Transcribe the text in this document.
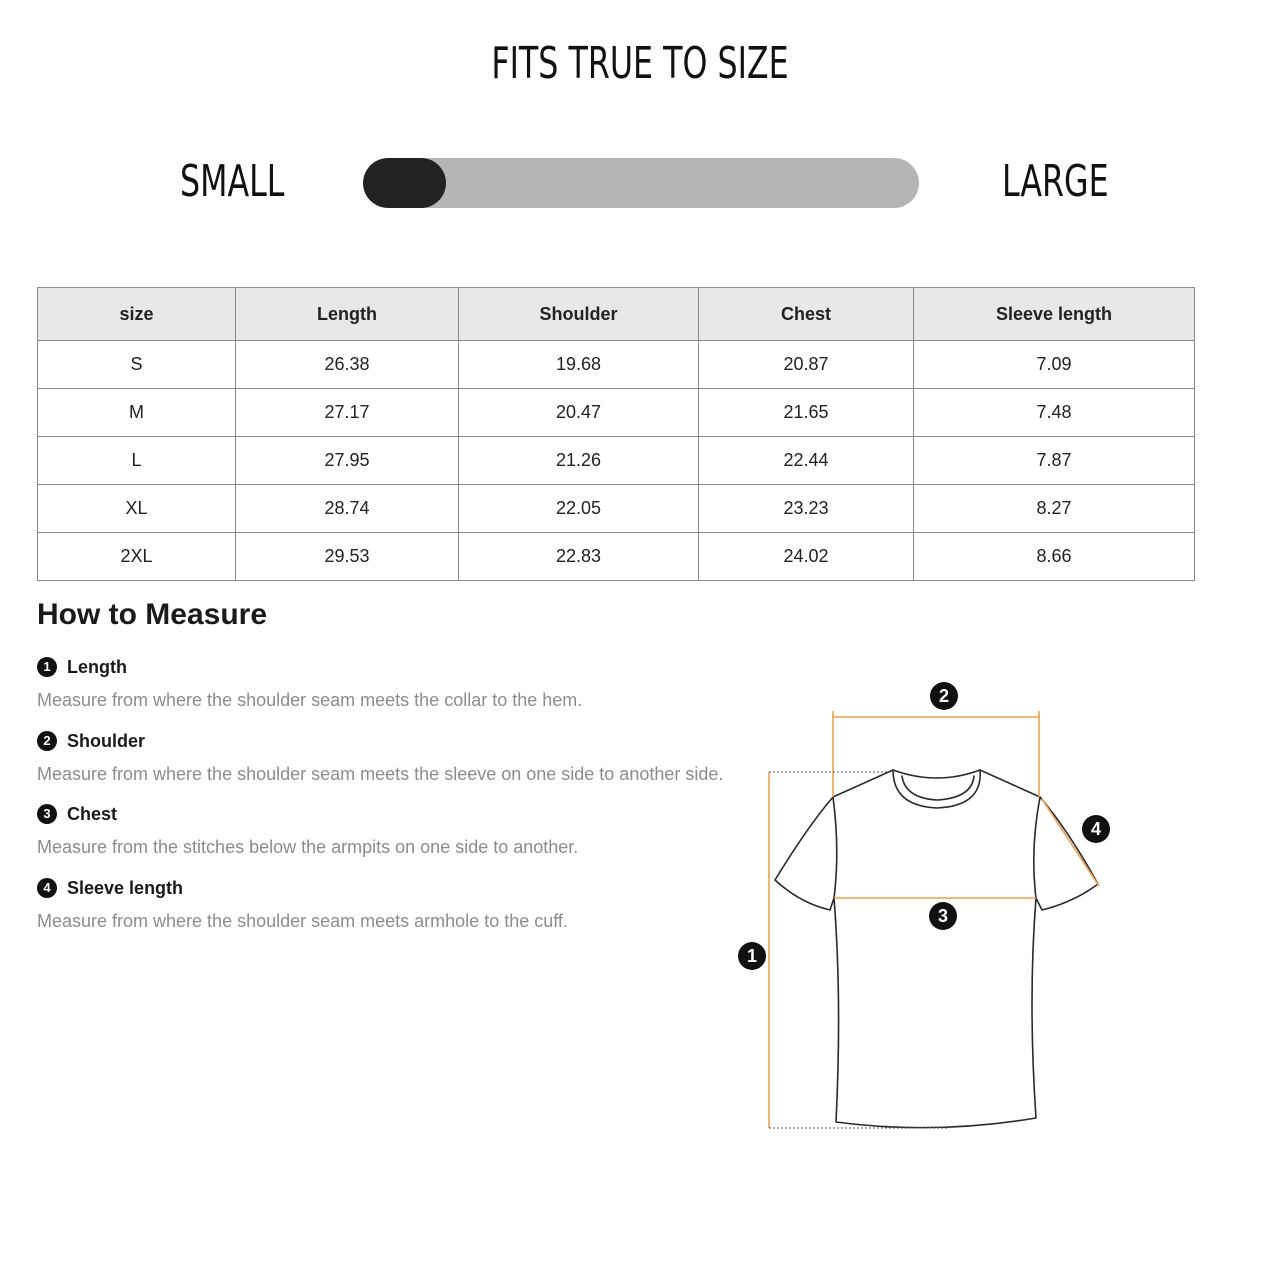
FITS TRUE TO SIZE
SMALL	LARGE
size	Length	Shoulder	Chest	Sleeve length
S	26.38	19.68	20.87	7.09
M	27.17	20.47	21.65	7.48
L	27.95	21.26	22.44	7.87
XL	28.74	22.05	23.23	8.27
2XL	29.53	22.83	24.02	8.66
How to Measure
1 Length
Measure from where the shoulder seam meets the collar to the hem.
2 Shoulder
Measure from where the shoulder seam meets the sleeve on one side to another side.
3 Chest
Measure from the stitches below the armpits on one side to another.
4 Sleeve length
Measure from where the shoulder seam meets armhole to the cuff.
1
2
3
4
